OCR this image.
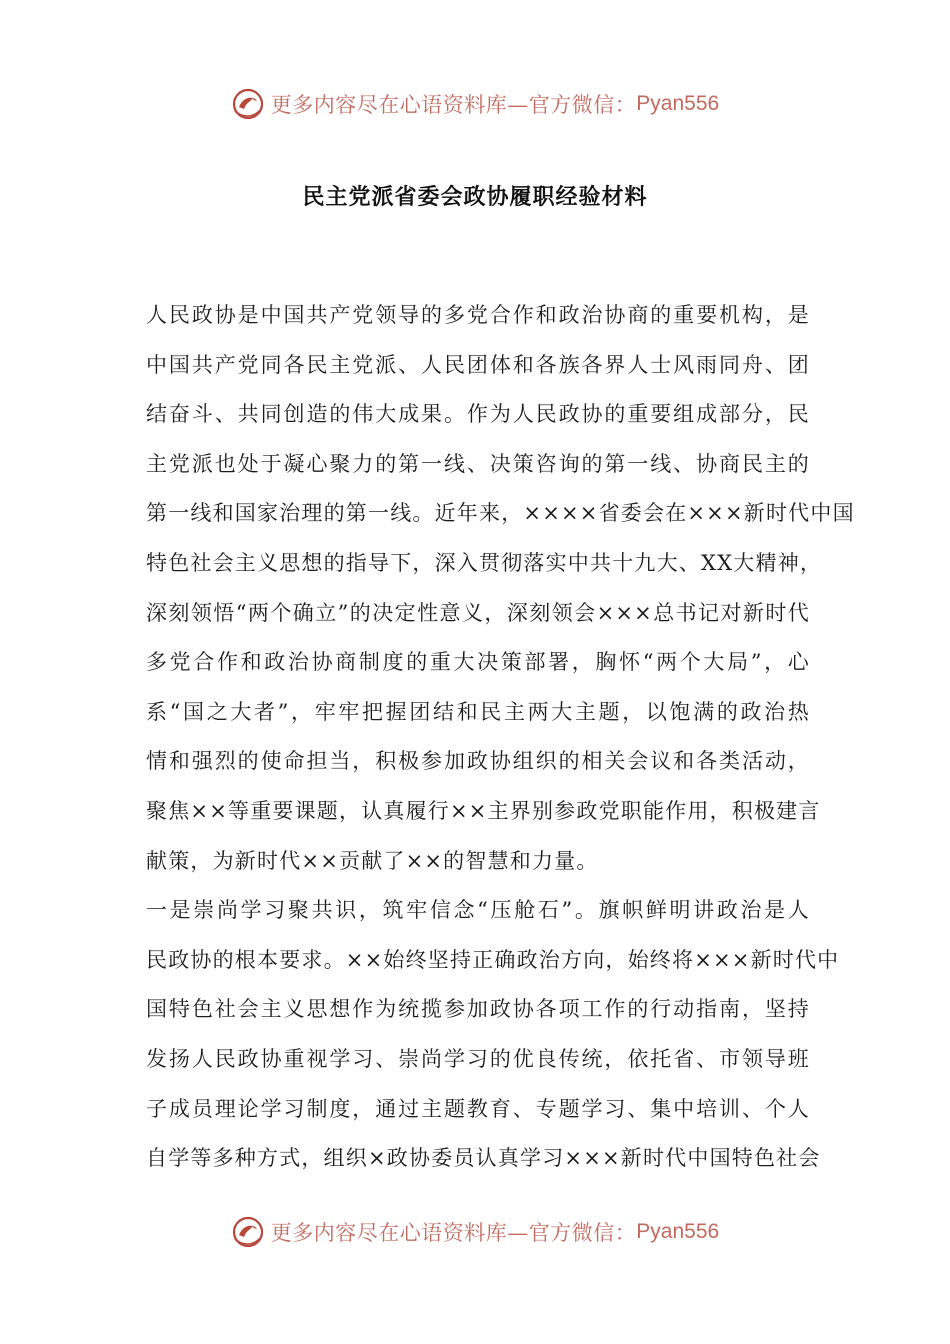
更多内容尽在心语资料库—官方微信： Pyan556
民主党派省委会政协履职经验材料
人民政协是中国共产党领导的多党合作和政治协商的重要机构，是
中国共产党同各民主党派、人民团体和各族各界人士风雨同舟、团
结奋斗、共同创造的伟大成果。作为人民政协的重要组成部分，民
主党派也处于凝心聚力的第一线、决策咨询的第一线、协商民主的
第一线和国家治理的第一线。近年来，××××省委会在×××新时代中国
特色社会主义思想的指导下，深入贯彻落实中共十九大、XX大精神，
深刻领悟“两个确立”的决定性意义，深刻领会×××总书记对新时代
多党合作和政治协商制度的重大决策部署，胸怀“两个大局”，心
系“国之大者”，牢牢把握团结和民主两大主题，以饱满的政治热
情和强烈的使命担当，积极参加政协组织的相关会议和各类活动，
聚焦××等重要课题，认真履行××主界别参政党职能作用，积极建言
献策，为新时代××贡献了××的智慧和力量。
一是崇尚学习聚共识，筑牢信念“压舱石”。旗帜鲜明讲政治是人
民政协的根本要求。××始终坚持正确政治方向，始终将×××新时代中
国特色社会主义思想作为统揽参加政协各项工作的行动指南，坚持
发扬人民政协重视学习、崇尚学习的优良传统，依托省、市领导班
子成员理论学习制度，通过主题教育、专题学习、集中培训、个人
自学等多种方式，组织×政协委员认真学习×××新时代中国特色社会
更多内容尽在心语资料库—官方微信： Pyan556
